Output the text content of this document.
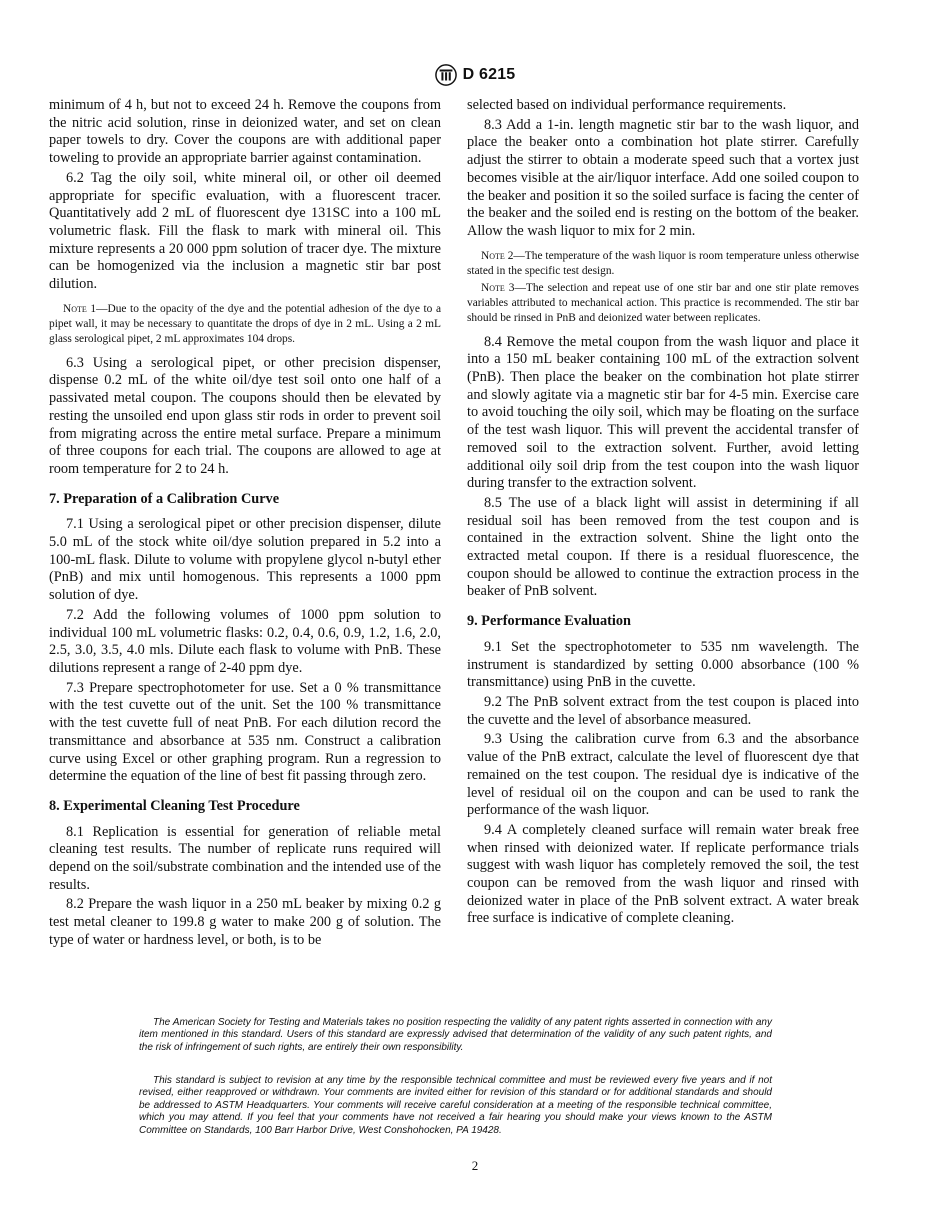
D 6215

minimum of 4 h, but not to exceed 24 h. Remove the coupons from the nitric acid solution, rinse in deionized water, and set on clean paper towels to dry. Cover the coupons are with additional paper toweling to provide an appropriate barrier against contamination.

6.2 Tag the oily soil, white mineral oil, or other oil deemed appropriate for specific evaluation, with a fluorescent tracer. Quantitatively add 2 mL of fluorescent dye 131SC into a 100 mL volumetric flask. Fill the flask to mark with mineral oil. This mixture represents a 20 000 ppm solution of tracer dye. The mixture can be homogenized via the inclusion a magnetic stir bar post dilution.

Note 1—Due to the opacity of the dye and the potential adhesion of the dye to a pipet wall, it may be necessary to quantitate the drops of dye in 2 mL. Using a 2 mL glass serological pipet, 2 mL approximates 104 drops.

6.3 Using a serological pipet, or other precision dispenser, dispense 0.2 mL of the white oil/dye test soil onto one half of a passivated metal coupon. The coupons should then be elevated by resting the unsoiled end upon glass stir rods in order to prevent soil from migrating across the entire metal surface. Prepare a minimum of three coupons for each trial. The coupons are allowed to age at room temperature for 2 to 24 h.

7. Preparation of a Calibration Curve

7.1 Using a serological pipet or other precision dispenser, dilute 5.0 mL of the stock white oil/dye solution prepared in 5.2 into a 100-mL flask. Dilute to volume with propylene glycol n-butyl ether (PnB) and mix until homogenous. This represents a 1000 ppm solution of dye.

7.2 Add the following volumes of 1000 ppm solution to individual 100 mL volumetric flasks: 0.2, 0.4, 0.6, 0.9, 1.2, 1.6, 2.0, 2.5, 3.0, 3.5, 4.0 mls. Dilute each flask to volume with PnB. These dilutions represent a range of 2-40 ppm dye.

7.3 Prepare spectrophotometer for use. Set a 0 % transmittance with the test cuvette out of the unit. Set the 100 % transmittance with the test cuvette full of neat PnB. For each dilution record the transmittance and absorbance at 535 nm. Construct a calibration curve using Excel or other graphing program. Run a regression to determine the equation of the line of best fit passing through zero.

8. Experimental Cleaning Test Procedure

8.1 Replication is essential for generation of reliable metal cleaning test results. The number of replicate runs required will depend on the soil/substrate combination and the intended use of the results.

8.2 Prepare the wash liquor in a 250 mL beaker by mixing 0.2 g test metal cleaner to 199.8 g water to make 200 g of solution. The type of water or hardness level, or both, is to be

selected based on individual performance requirements.

8.3 Add a 1-in. length magnetic stir bar to the wash liquor, and place the beaker onto a combination hot plate stirrer. Carefully adjust the stirrer to obtain a moderate speed such that a vortex just becomes visible at the air/liquor interface. Add one soiled coupon to the beaker and position it so the soiled surface is facing the center of the beaker and the soiled end is resting on the bottom of the beaker. Allow the wash liquor to mix for 2 min.

Note 2—The temperature of the wash liquor is room temperature unless otherwise stated in the specific test design.

Note 3—The selection and repeat use of one stir bar and one stir plate removes variables attributed to mechanical action. This practice is recommended. The stir bar should be rinsed in PnB and deionized water between replicates.

8.4 Remove the metal coupon from the wash liquor and place it into a 150 mL beaker containing 100 mL of the extraction solvent (PnB). Then place the beaker on the combination hot plate stirrer and slowly agitate via a magnetic stir bar for 4-5 min. Exercise care to avoid touching the oily soil, which may be floating on the surface of the test wash liquor. This will prevent the accidental transfer of removed soil to the extraction solvent. Further, avoid letting additional oily soil drip from the test coupon into the wash liquor during transfer to the extraction solvent.

8.5 The use of a black light will assist in determining if all residual soil has been removed from the test coupon and is contained in the extraction solvent. Shine the light onto the extracted metal coupon. If there is a residual fluorescence, the coupon should be allowed to continue the extraction process in the beaker of PnB solvent.

9. Performance Evaluation

9.1 Set the spectrophotometer to 535 nm wavelength. The instrument is standardized by setting 0.000 absorbance (100 % transmittance) using PnB in the cuvette.

9.2 The PnB solvent extract from the test coupon is placed into the cuvette and the level of absorbance measured.

9.3 Using the calibration curve from 6.3 and the absorbance value of the PnB extract, calculate the level of fluorescent dye that remained on the test coupon. The residual dye is indicative of the level of residual oil on the coupon and can be used to rank the performance of the wash liquor.

9.4 A completely cleaned surface will remain water break free when rinsed with deionized water. If replicate performance trials suggest with wash liquor has completely removed the soil, the test coupon can be removed from the wash liquor and rinsed with deionized water in place of the PnB solvent extract. A water break free surface is indicative of complete cleaning.

The American Society for Testing and Materials takes no position respecting the validity of any patent rights asserted in connection with any item mentioned in this standard. Users of this standard are expressly advised that determination of the validity of any such patent rights, and the risk of infringement of such rights, are entirely their own responsibility.

This standard is subject to revision at any time by the responsible technical committee and must be reviewed every five years and if not revised, either reapproved or withdrawn. Your comments are invited either for revision of this standard or for additional standards and should be addressed to ASTM Headquarters. Your comments will receive careful consideration at a meeting of the responsible technical committee, which you may attend. If you feel that your comments have not received a fair hearing you should make your views known to the ASTM Committee on Standards, 100 Barr Harbor Drive, West Conshohocken, PA 19428.

2
